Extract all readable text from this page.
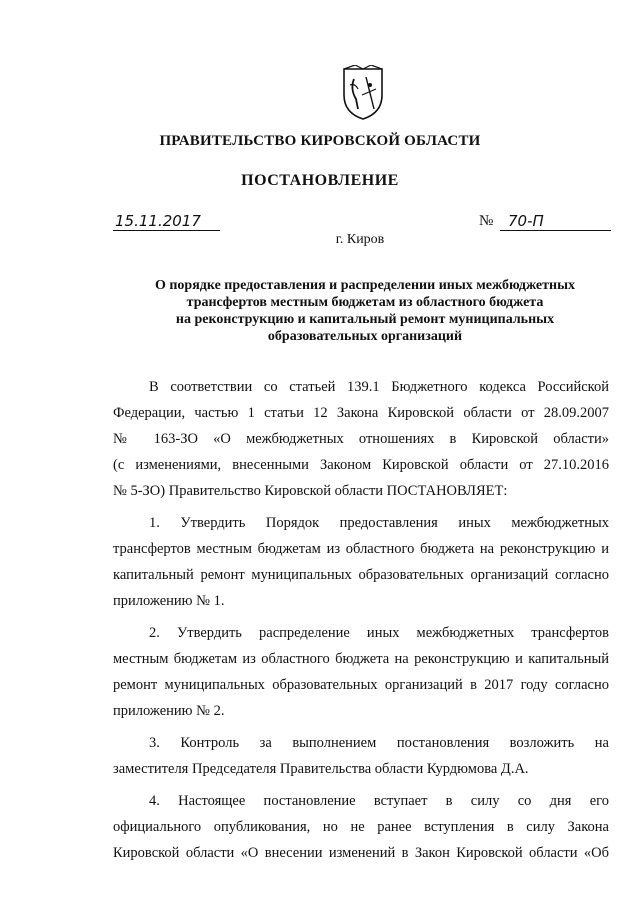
ПРАВИТЕЛЬСТВО КИРОВСКОЙ ОБЛАСТИ
ПОСТАНОВЛЕНИЕ
15.11.2017	№ 70-П
г. Киров
О порядке предоставления и распределении иных межбюджетных
трансфертов местным бюджетам из областного бюджета
на реконструкцию и капитальный ремонт муниципальных
образовательных организаций

В соответствии со статьей 139.1 Бюджетного кодекса Российской
Федерации, частью 1 статьи 12 Закона Кировской области от 28.09.2007
№ 163-ЗО «О межбюджетных отношениях в Кировской области»
(с изменениями, внесенными Законом Кировской области от 27.10.2016
№ 5-ЗО) Правительство Кировской области ПОСТАНОВЛЯЕТ:

1. Утвердить Порядок предоставления иных межбюджетных
трансфертов местным бюджетам из областного бюджета на реконструкцию и
капитальный ремонт муниципальных образовательных организаций согласно
приложению № 1.

2. Утвердить распределение иных межбюджетных трансфертов
местным бюджетам из областного бюджета на реконструкцию и капитальный
ремонт муниципальных образовательных организаций в 2017 году согласно
приложению № 2.

3. Контроль за выполнением постановления возложить на
заместителя Председателя Правительства области Курдюмова Д.А.

4. Настоящее постановление вступает в силу со дня его
официального опубликования, но не ранее вступления в силу Закона
Кировской области «О внесении изменений в Закон Кировской области «Об
